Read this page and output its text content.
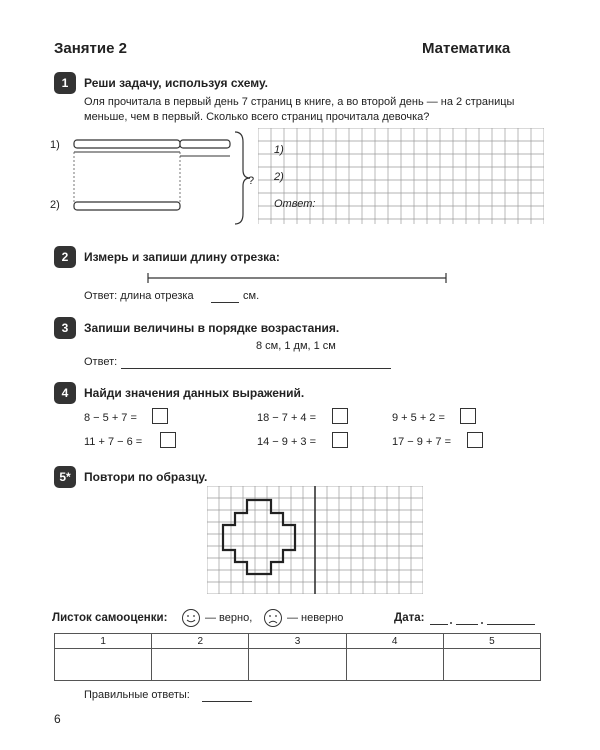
Занятие 2	Математика
1	Реши задачу, используя схему.
Оля прочитала в первый день 7 страниц в книге, а во второй день — на 2 страницы
меньше, чем в первый. Сколько всего страниц прочитала девочка?
1)
2)
?
1)
2)
Ответ:
2	Измерь и запиши длину отрезка:
Ответ: длина отрезка	см.
3	Запиши величины в порядке возрастания.
8 см, 1 дм, 1 см
Ответ:
4	Найди значения данных выражений.
8 − 5 + 7 =	18 − 7 + 4 =	9 + 5 + 2 =
11 + 7 − 6 =	14 − 9 + 3 =	17 − 9 + 7 =
5*	Повтори по образцу.
Листок самооценки:	— верно,	— неверно	Дата:
1	2	3	4	5

Правильные ответы:
6
